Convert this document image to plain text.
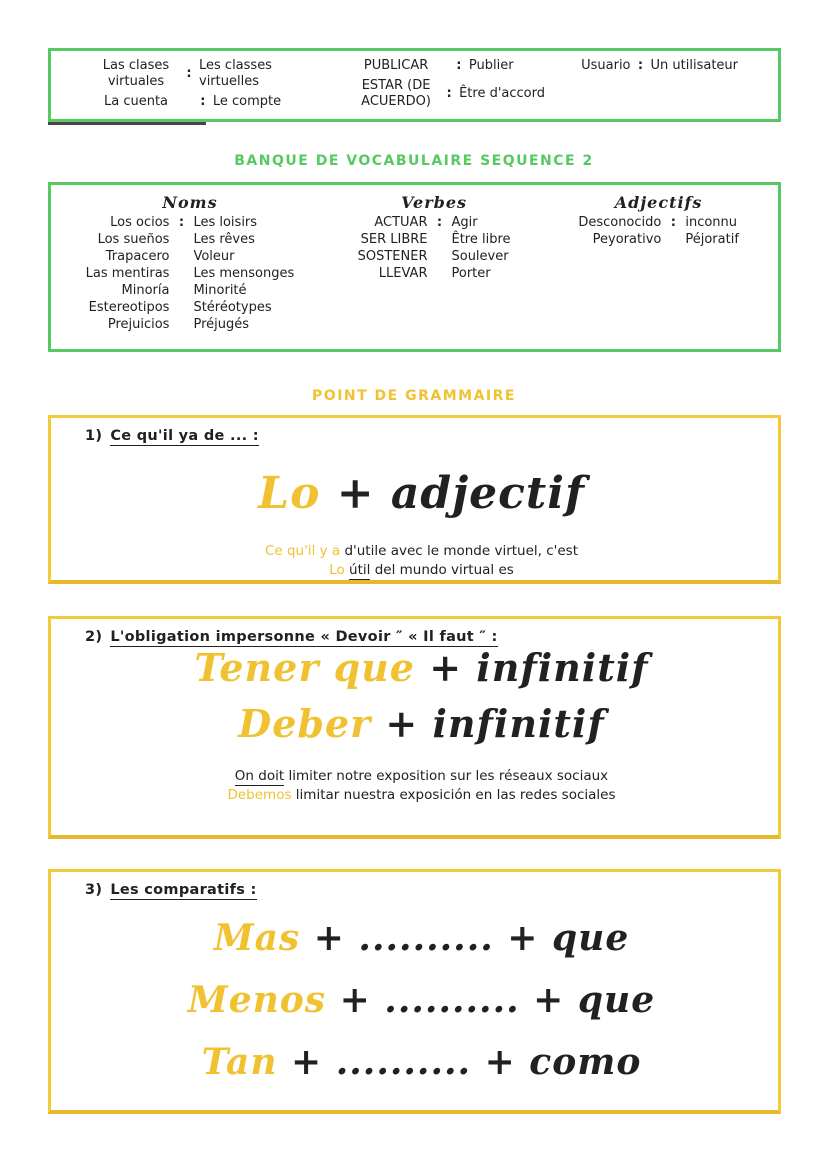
Las clases virtuales
:
Les classes virtuelles
La cuenta	: Le compte
PUBLICAR	: Publier
ESTAR (DE ACUERDO)
: Être d'accord
Usuario : Un utilisateur
BANQUE DE VOCABULAIRE SEQUENCE 2
Noms
Los ocios : Les loisirs
Los sueños Les rêves
Trapacero Voleur
Las mentiras Les mensonges
Minoría Minorité
Estereotipos Stéréotypes
Prejuicios Préjugés
Verbes
ACTUAR : Agir
SER LIBRE Être libre
SOSTENER Soulever
LLEVAR Porter
Adjectifs
Desconocido : inconnu
Peyorativo Péjoratif
POINT DE GRAMMAIRE
1) Ce qu'il ya de ... :
Lo + adjectif
Ce qu'il y a d'utile avec le monde virtuel, c'est
Lo útil del mundo virtual es
2) L'obligation impersonne « Devoir ″ « Il faut ″ :
Tener que + infinitif
Deber + infinitif
On doit limiter notre exposition sur les réseaux sociaux
Debemos limitar nuestra exposición en las redes sociales
3) Les comparatifs :
Mas + .......... + que
Menos + .......... + que
Tan + .......... + como
